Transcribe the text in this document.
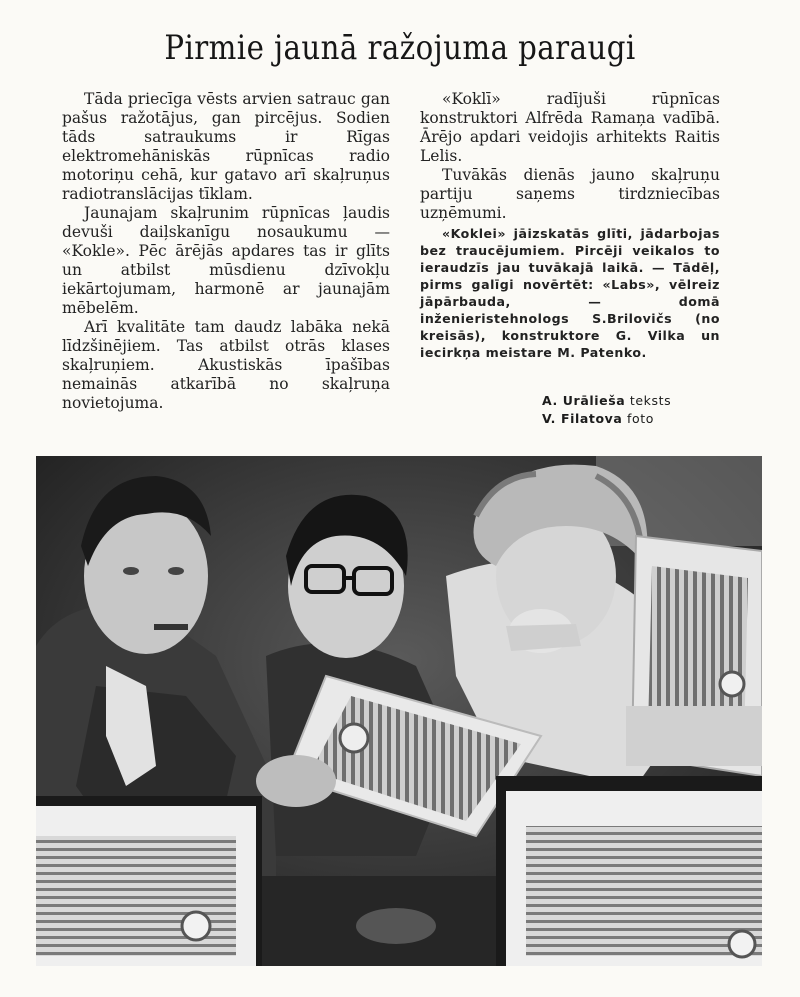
Pirmie jaunā ražojuma paraugi

Tāda priecīga vēsts arvien satrauc gan pašus ražotājus, gan pircējus. Sodien tāds satraukums ir Rīgas elektromehāniskās rūpnīcas radio motoriņu cehā, kur gatavo arī skaļruņus radiotranslācijas tīklam.

Jaunajam skaļrunim rūpnīcas ļaudis devuši daiļskanīgu nosaukumu — «Kokle». Pēc ārējās apdares tas ir glīts un atbilst mūsdienu dzīvokļu iekārtojumam, harmonē ar jaunajām mēbelēm.

Arī kvalitāte tam daudz labāka nekā līdzšinējiem. Tas atbilst otrās klases skaļruņiem. Akustiskās īpašības nemainās atkarībā no skaļruņa novietojuma.

«Koklī» radījuši rūpnīcas konstruktori Alfrēda Ramaņa vadībā. Ārējo apdari veidojis arhitekts Raitis Lelis.

Tuvākās dienās jauno skaļruņu partiju saņems tirdzniecības uzņēmumi.

«Koklei» jāizskatās glīti, jādarbojas bez traucējumiem. Pircēji veikalos to ieraudzīs jau tuvākajā laikā. — Tādēļ, pirms galīgi novērtēt: «Labs», vēlreiz jāpārbauda, — domā inženieristehnologs S.Brilovičs (no kreisās), konstruktore G. Vilka un iecirkņa meistare M. Patenko.

A. Urālieša teksts
V. Filatova foto
